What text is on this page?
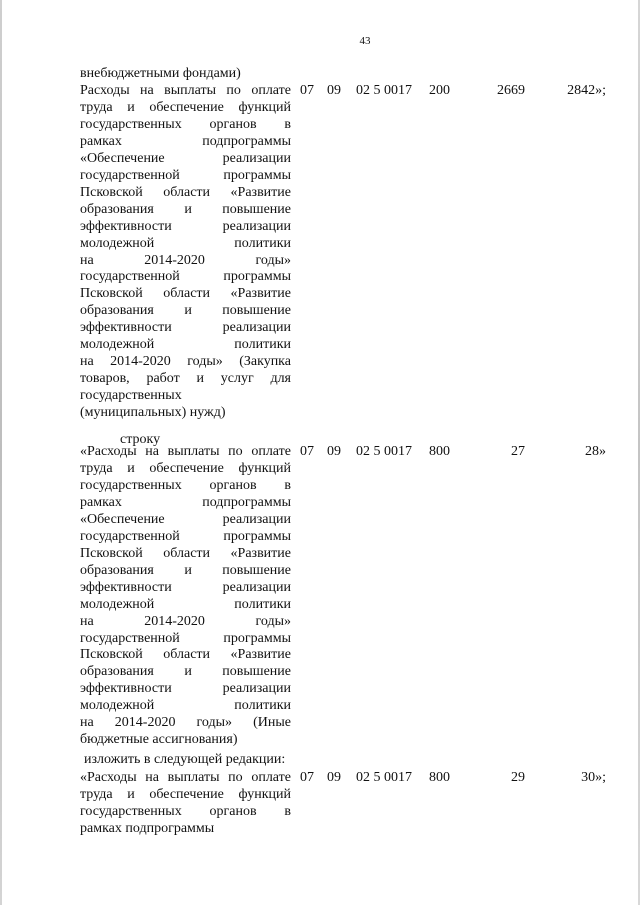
43
внебюджетными фондами)
Расходы на выплаты по оплате
труда и обеспечение функций
государственных органов в
рамках подпрограммы
«Обеспечение реализации
государственной программы
Псковской области «Развитие
образования и повышение
эффективности реализации
молодежной политики
на 2014-2020 годы»
государственной программы
Псковской области «Развитие
образования и повышение
эффективности реализации
молодежной политики
на 2014-2020 годы» (Закупка
товаров, работ и услуг для
государственных
(муниципальных) нужд)
07 09 02 5 0017 200	2669	2842»;
строку
«Расходы на выплаты по оплате
труда и обеспечение функций
государственных органов в
рамках подпрограммы
«Обеспечение реализации
государственной программы
Псковской области «Развитие
образования и повышение
эффективности реализации
молодежной политики
на 2014-2020 годы»
государственной программы
Псковской области «Развитие
образования и повышение
эффективности реализации
молодежной политики
на 2014-2020 годы» (Иные
бюджетные ассигнования)
07 09 02 5 0017 800	27	28»
изложить в следующей редакции:
«Расходы на выплаты по оплате
труда и обеспечение функций
государственных органов в
рамках подпрограммы
07 09 02 5 0017 800	29	30»;
